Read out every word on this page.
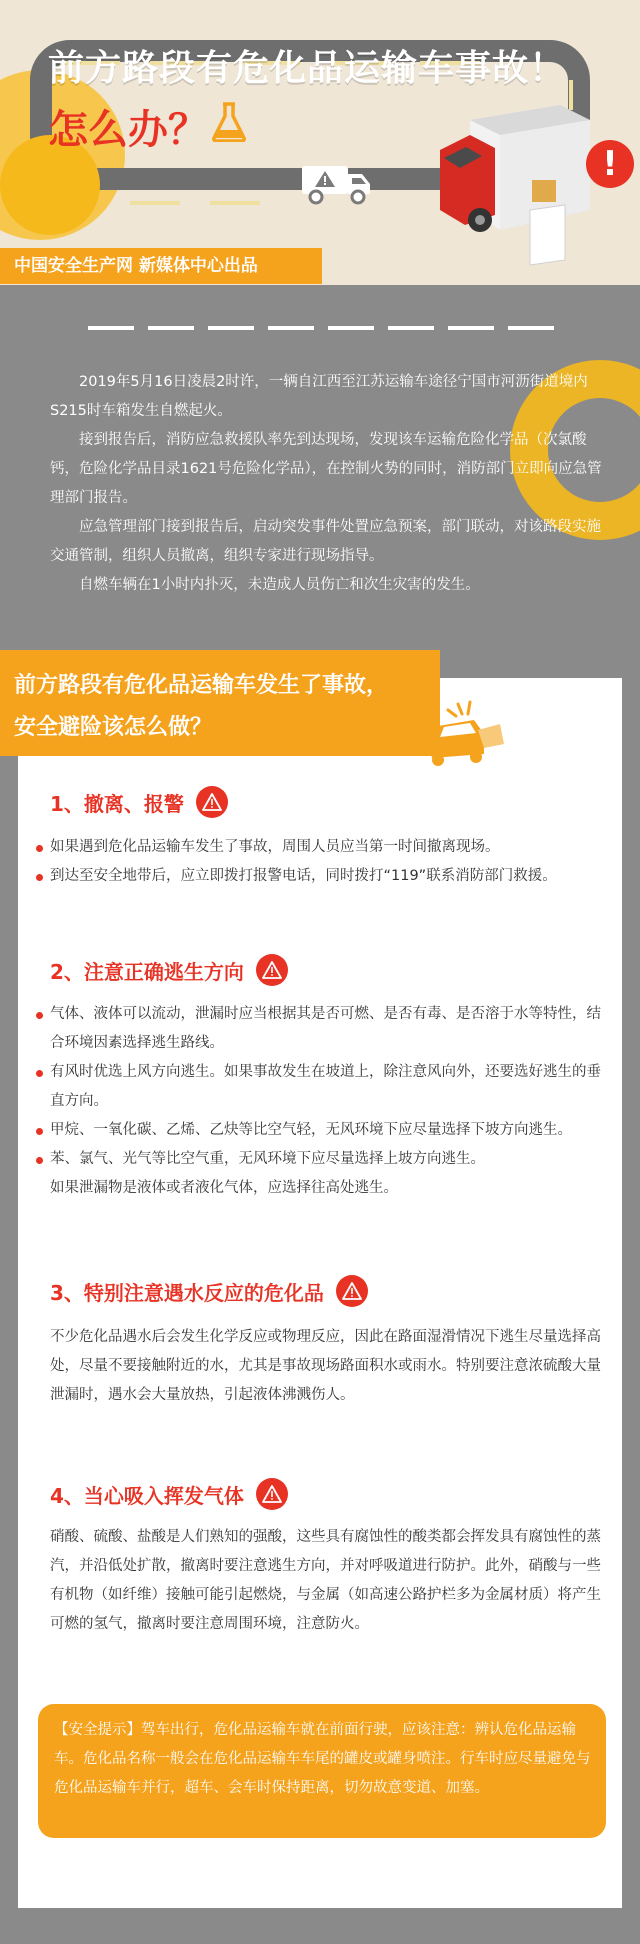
前方路段有危化品运输车事故！
怎么办？
!
中国安全生产网 新媒体中心出品

2019年5月16日凌晨2时许，一辆自江西至江苏运输车途径宁国市河沥街道境内S215时车箱发生自燃起火。

接到报告后，消防应急救援队率先到达现场，发现该车运输危险化学品（次氯酸钙，危险化学品目录1621号危险化学品），在控制火势的同时，消防部门立即向应急管理部门报告。

应急管理部门接到报告后，启动突发事件处置应急预案，部门联动，对该路段实施交通管制，组织人员撤离，组织专家进行现场指导。

自燃车辆在1小时内扑灭，未造成人员伤亡和次生灾害的发生。

前方路段有危化品运输车发生了事故，
安全避险该怎么做？
1、撤离、报警
如果遇到危化品运输车发生了事故，周围人员应当第一时间撤离现场。
到达至安全地带后，应立即拨打报警电话，同时拨打“119”联系消防部门救援。
2、注意正确逃生方向
气体、液体可以流动，泄漏时应当根据其是否可燃、是否有毒、是否溶于水等特性，结合环境因素选择逃生路线。
有风时优选上风方向逃生。如果事故发生在坡道上，除注意风向外，还要选好逃生的垂直方向。
甲烷、一氧化碳、乙烯、乙炔等比空气轻，无风环境下应尽量选择下坡方向逃生。
苯、氯气、光气等比空气重，无风环境下应尽量选择上坡方向逃生。
如果泄漏物是液体或者液化气体，应选择往高处逃生。
3、特别注意遇水反应的危化品
不少危化品遇水后会发生化学反应或物理反应，因此在路面湿滑情况下逃生尽量选择高处，尽量不要接触附近的水，尤其是事故现场路面积水或雨水。特别要注意浓硫酸大量泄漏时，遇水会大量放热，引起液体沸溅伤人。
4、当心吸入挥发气体
硝酸、硫酸、盐酸是人们熟知的强酸，这些具有腐蚀性的酸类都会挥发具有腐蚀性的蒸汽，并沿低处扩散，撤离时要注意逃生方向，并对呼吸道进行防护。此外，硝酸与一些有机物（如纤维）接触可能引起燃烧，与金属（如高速公路护栏多为金属材质）将产生可燃的氢气，撤离时要注意周围环境，注意防火。
【安全提示】驾车出行，危化品运输车就在前面行驶，应该注意：辨认危化品运输车。危化品名称一般会在危化品运输车车尾的罐皮或罐身喷注。行车时应尽量避免与危化品运输车并行，超车、会车时保持距离，切勿故意变道、加塞。
